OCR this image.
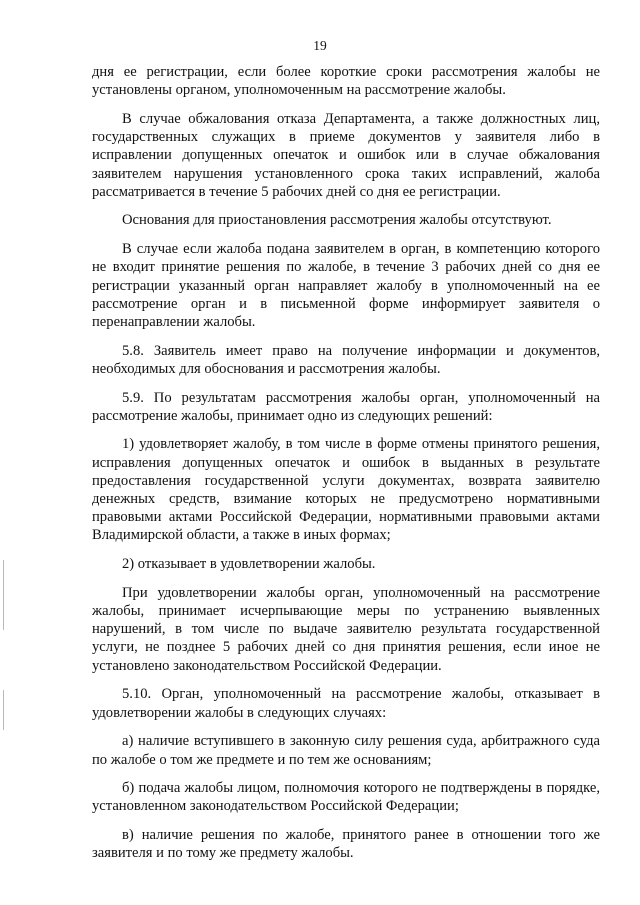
19

дня ее регистрации, если более короткие сроки рассмотрения жалобы не установлены органом, уполномоченным на рассмотрение жалобы.

В случае обжалования отказа Департамента, а также должностных лиц, государственных служащих в приеме документов у заявителя либо в исправлении допущенных опечаток и ошибок или в случае обжалования заявителем нарушения установленного срока таких исправлений, жалоба рассматривается в течение 5 рабочих дней со дня ее регистрации.

Основания для приостановления рассмотрения жалобы отсутствуют.

В случае если жалоба подана заявителем в орган, в компетенцию которого не входит принятие решения по жалобе, в течение 3 рабочих дней со дня ее регистрации указанный орган направляет жалобу в уполномоченный на ее рассмотрение орган и в письменной форме информирует заявителя о перенаправлении жалобы.

5.8. Заявитель имеет право на получение информации и документов, необходимых для обоснования и рассмотрения жалобы.

5.9. По результатам рассмотрения жалобы орган, уполномоченный на рассмотрение жалобы, принимает одно из следующих решений:

1) удовлетворяет жалобу, в том числе в форме отмены принятого решения, исправления допущенных опечаток и ошибок в выданных в результате предоставления государственной услуги документах, возврата заявителю денежных средств, взимание которых не предусмотрено нормативными правовыми актами Российской Федерации, нормативными правовыми актами Владимирской области, а также в иных формах;

2) отказывает в удовлетворении жалобы.

При удовлетворении жалобы орган, уполномоченный на рассмотрение жалобы, принимает исчерпывающие меры по устранению выявленных нарушений, в том числе по выдаче заявителю результата государственной услуги, не позднее 5 рабочих дней со дня принятия решения, если иное не установлено законодательством Российской Федерации.

5.10. Орган, уполномоченный на рассмотрение жалобы, отказывает в удовлетворении жалобы в следующих случаях:

а) наличие вступившего в законную силу решения суда, арбитражного суда по жалобе о том же предмете и по тем же основаниям;

б) подача жалобы лицом, полномочия которого не подтверждены в порядке, установленном законодательством Российской Федерации;

в) наличие решения по жалобе, принятого ранее в отношении того же заявителя и по тому же предмету жалобы.
